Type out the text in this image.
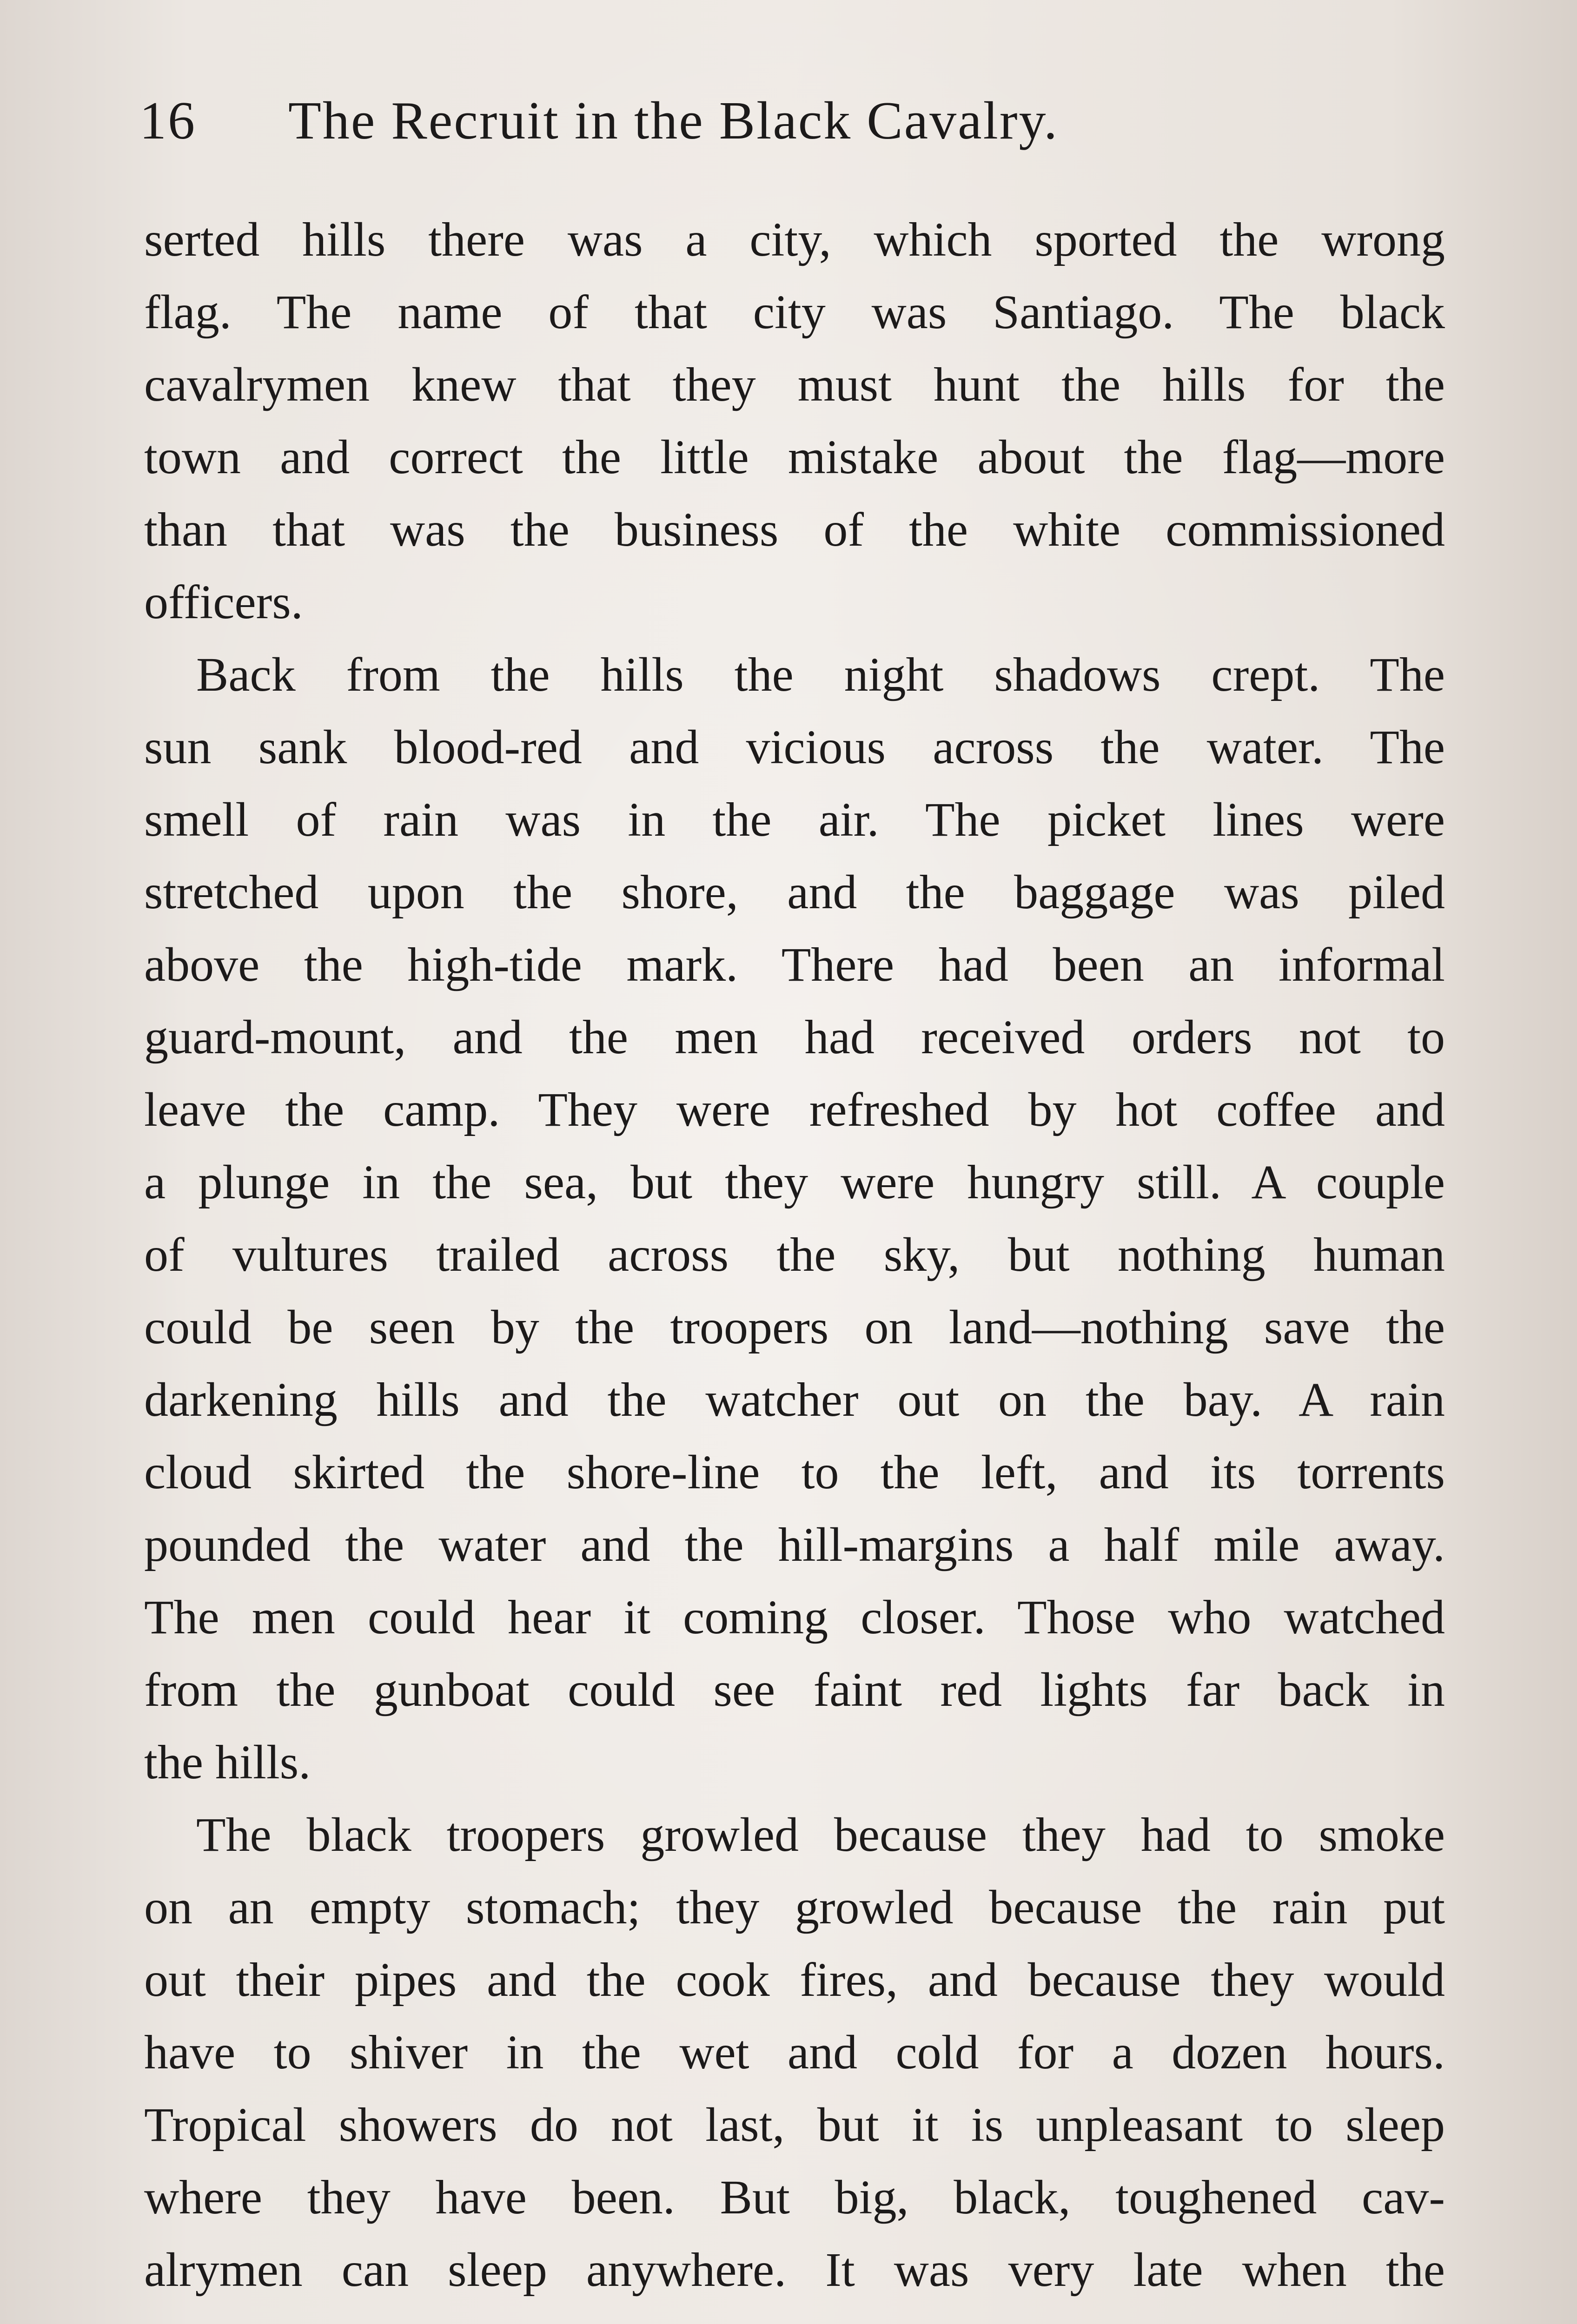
16 The Recruit in the Black Cavalry.
serted hills there was a city, which sported the wrong
flag. The name of that city was Santiago. The black
cavalrymen knew that they must hunt the hills for the
town and correct the little mistake about the flag—more
than that was the business of the white commissioned
officers.
Back from the hills the night shadows crept. The
sun sank blood-red and vicious across the water. The
smell of rain was in the air. The picket lines were
stretched upon the shore, and the baggage was piled
above the high-tide mark. There had been an informal
guard-mount, and the men had received orders not to
leave the camp. They were refreshed by hot coffee and
a plunge in the sea, but they were hungry still. A couple
of vultures trailed across the sky, but nothing human
could be seen by the troopers on land—nothing save the
darkening hills and the watcher out on the bay. A rain
cloud skirted the shore-line to the left, and its torrents
pounded the water and the hill-margins a half mile away.
The men could hear it coming closer. Those who watched
from the gunboat could see faint red lights far back in
the hills.
The black troopers growled because they had to smoke
on an empty stomach; they growled because the rain put
out their pipes and the cook fires, and because they would
have to shiver in the wet and cold for a dozen hours.
Tropical showers do not last, but it is unpleasant to sleep
where they have been. But big, black, toughened cav-
alrymen can sleep anywhere. It was very late when the
